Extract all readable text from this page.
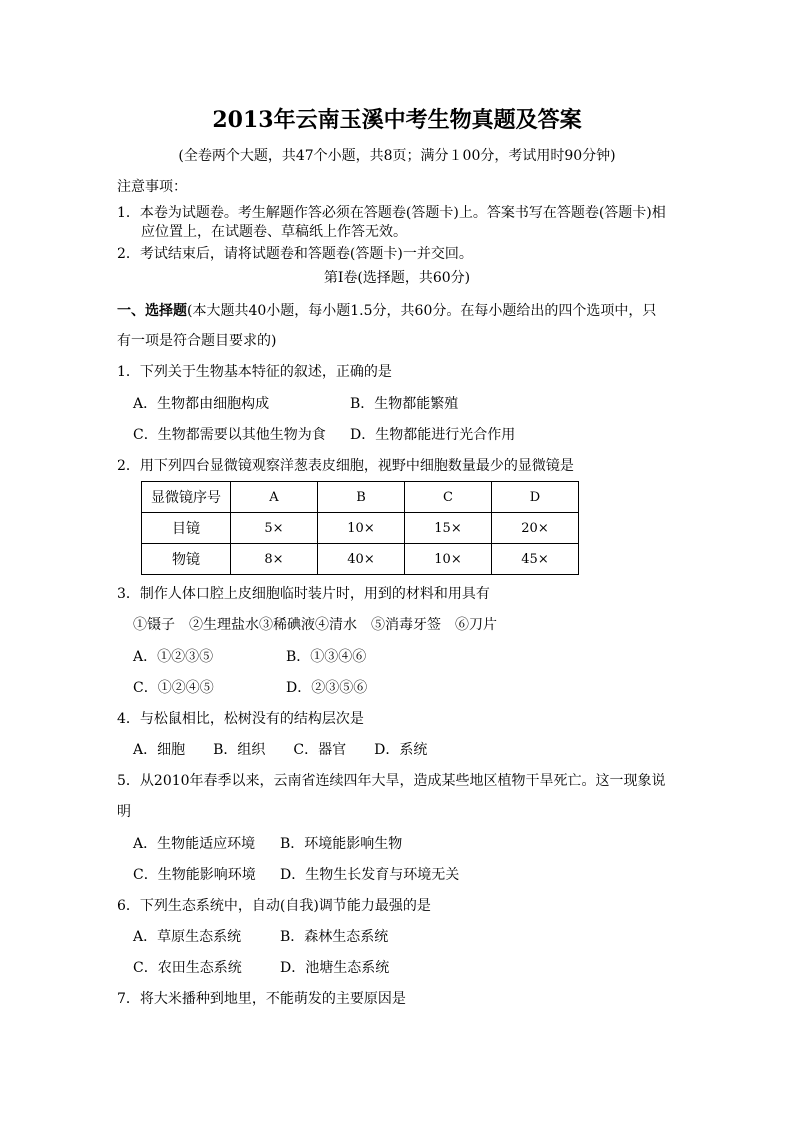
2013年云南玉溪中考生物真题及答案
(全卷两个大题，共47个小题，共8页；满分１00分，考试用时90分钟)
注意事项：
1．本卷为试题卷。考生解题作答必须在答题卷(答题卡)上。答案书写在答题卷(答题卡)相
应位置上，在试题卷、草稿纸上作答无效。
2．考试结束后，请将试题卷和答题卷(答题卡)一并交回。
第Ⅰ卷(选择题，共60分)
一、选择题(本大题共40小题，每小题1.5分，共60分。在每小题给出的四个选项中，只
有一项是符合题目要求的)
1．下列关于生物基本特征的叙述，正确的是
A．生物都由细胞构成	B．生物都能繁殖
C．生物都需要以其他生物为食 D．生物都能进行光合作用
2．用下列四台显微镜观察洋葱表皮细胞，视野中细胞数量最少的显微镜是
显微镜序号	A	B	C	D
目镜	5×	10×	15×	20×
物镜	8×	40×	10×	45×
3．制作人体口腔上皮细胞临时装片时，用到的材料和用具有
①镊子　②生理盐水③稀碘液④清水　⑤消毒牙签　⑥刀片
A．①②③⑤	B．①③④⑥
C．①②④⑤	D．②③⑤⑥
4．与松鼠相比，松树没有的结构层次是
A．细胞　　B．组织　　C．器官　　D．系统
5．从2010年春季以来，云南省连续四年大旱，造成某些地区植物干旱死亡。这一现象说
明
A．生物能适应环境 B．环境能影响生物
C．生物能影响环境 D．生物生长发育与环境无关
6．下列生态系统中，自动(自我)调节能力最强的是
A．草原生态系统	B．森林生态系统
C．农田生态系统	D．池塘生态系统
7．将大米播种到地里，不能萌发的主要原因是
